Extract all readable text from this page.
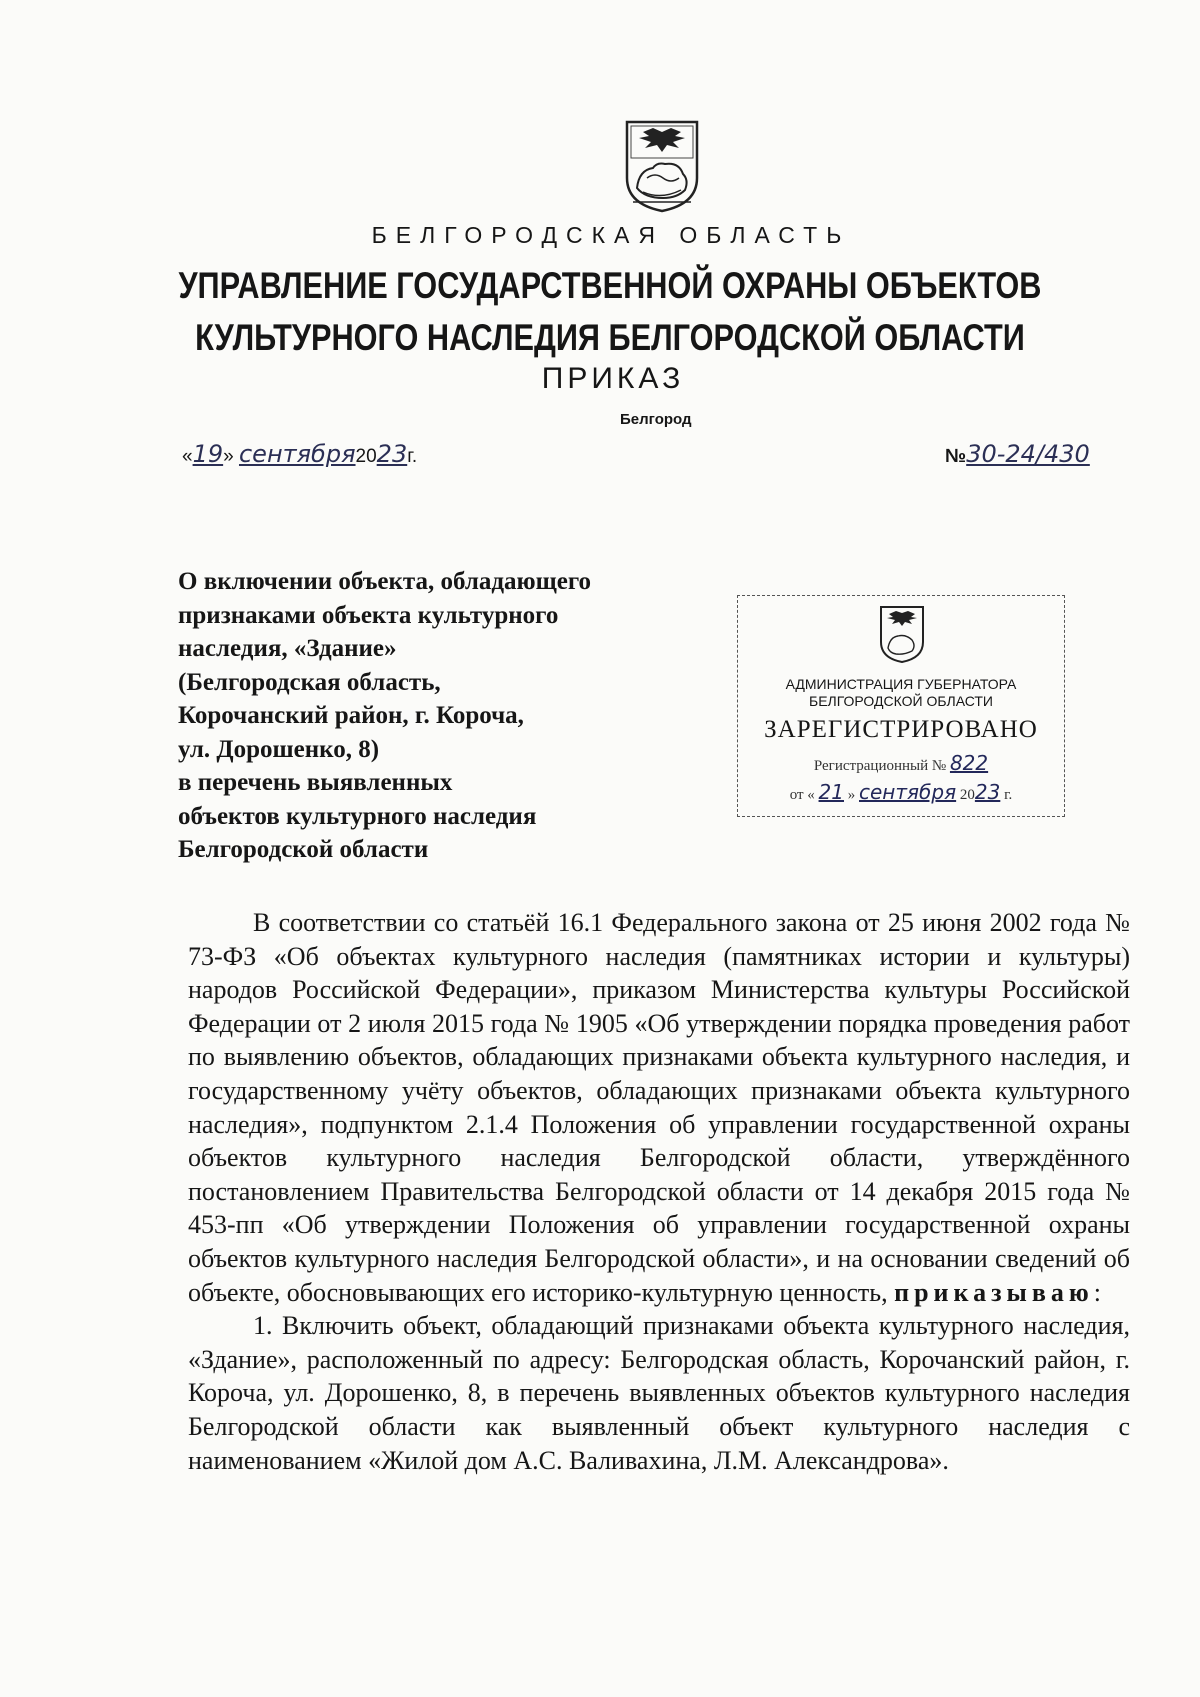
БЕЛГОРОДСКАЯ ОБЛАСТЬ
УПРАВЛЕНИЕ ГОСУДАРСТВЕННОЙ ОХРАНЫ ОБЪЕКТОВ
КУЛЬТУРНОГО НАСЛЕДИЯ БЕЛГОРОДСКОЙ ОБЛАСТИ
ПРИКАЗ
Белгород
«19» сентября2023г.	№30-24/430
О включении объекта, обладающего
признаками объекта культурного
наследия, «Здание»
(Белгородская область,
Корочанский район, г. Короча,
ул. Дорошенко, 8)
в перечень выявленных
объектов культурного наследия
Белгородской области
АДМИНИСТРАЦИЯ ГУБЕРНАТОРА
БЕЛГОРОДСКОЙ ОБЛАСТИ
ЗАРЕГИСТРИРОВАНО
Регистрационный № 822
от « 21 » сентября 2023 г.

В соответствии со статьёй 16.1 Федерального закона от 25 июня 2002 года № 73-ФЗ «Об объектах культурного наследия (памятниках истории и культуры) народов Российской Федерации», приказом Министерства культуры Российской Федерации от 2 июля 2015 года № 1905 «Об утверждении порядка проведения работ по выявлению объектов, обладающих признаками объекта культурного наследия, и государственному учёту объектов, обладающих признаками объекта культурного наследия», подпунктом 2.1.4 Положения об управлении государственной охраны объектов культурного наследия Белгородской области, утверждённого постановлением Правительства Белгородской области от 14 декабря 2015 года № 453-пп «Об утверждении Положения об управлении государственной охраны объектов культурного наследия Белгородской области», и на основании сведений об объекте, обосновывающих его историко-культурную ценность, приказываю:

1. Включить объект, обладающий признаками объекта культурного наследия, «Здание», расположенный по адресу: Белгородская область, Корочанский район, г. Короча, ул. Дорошенко, 8, в перечень выявленных объектов культурного наследия Белгородской области как выявленный объект культурного наследия с наименованием «Жилой дом А.С. Валивахина, Л.М. Александрова».
